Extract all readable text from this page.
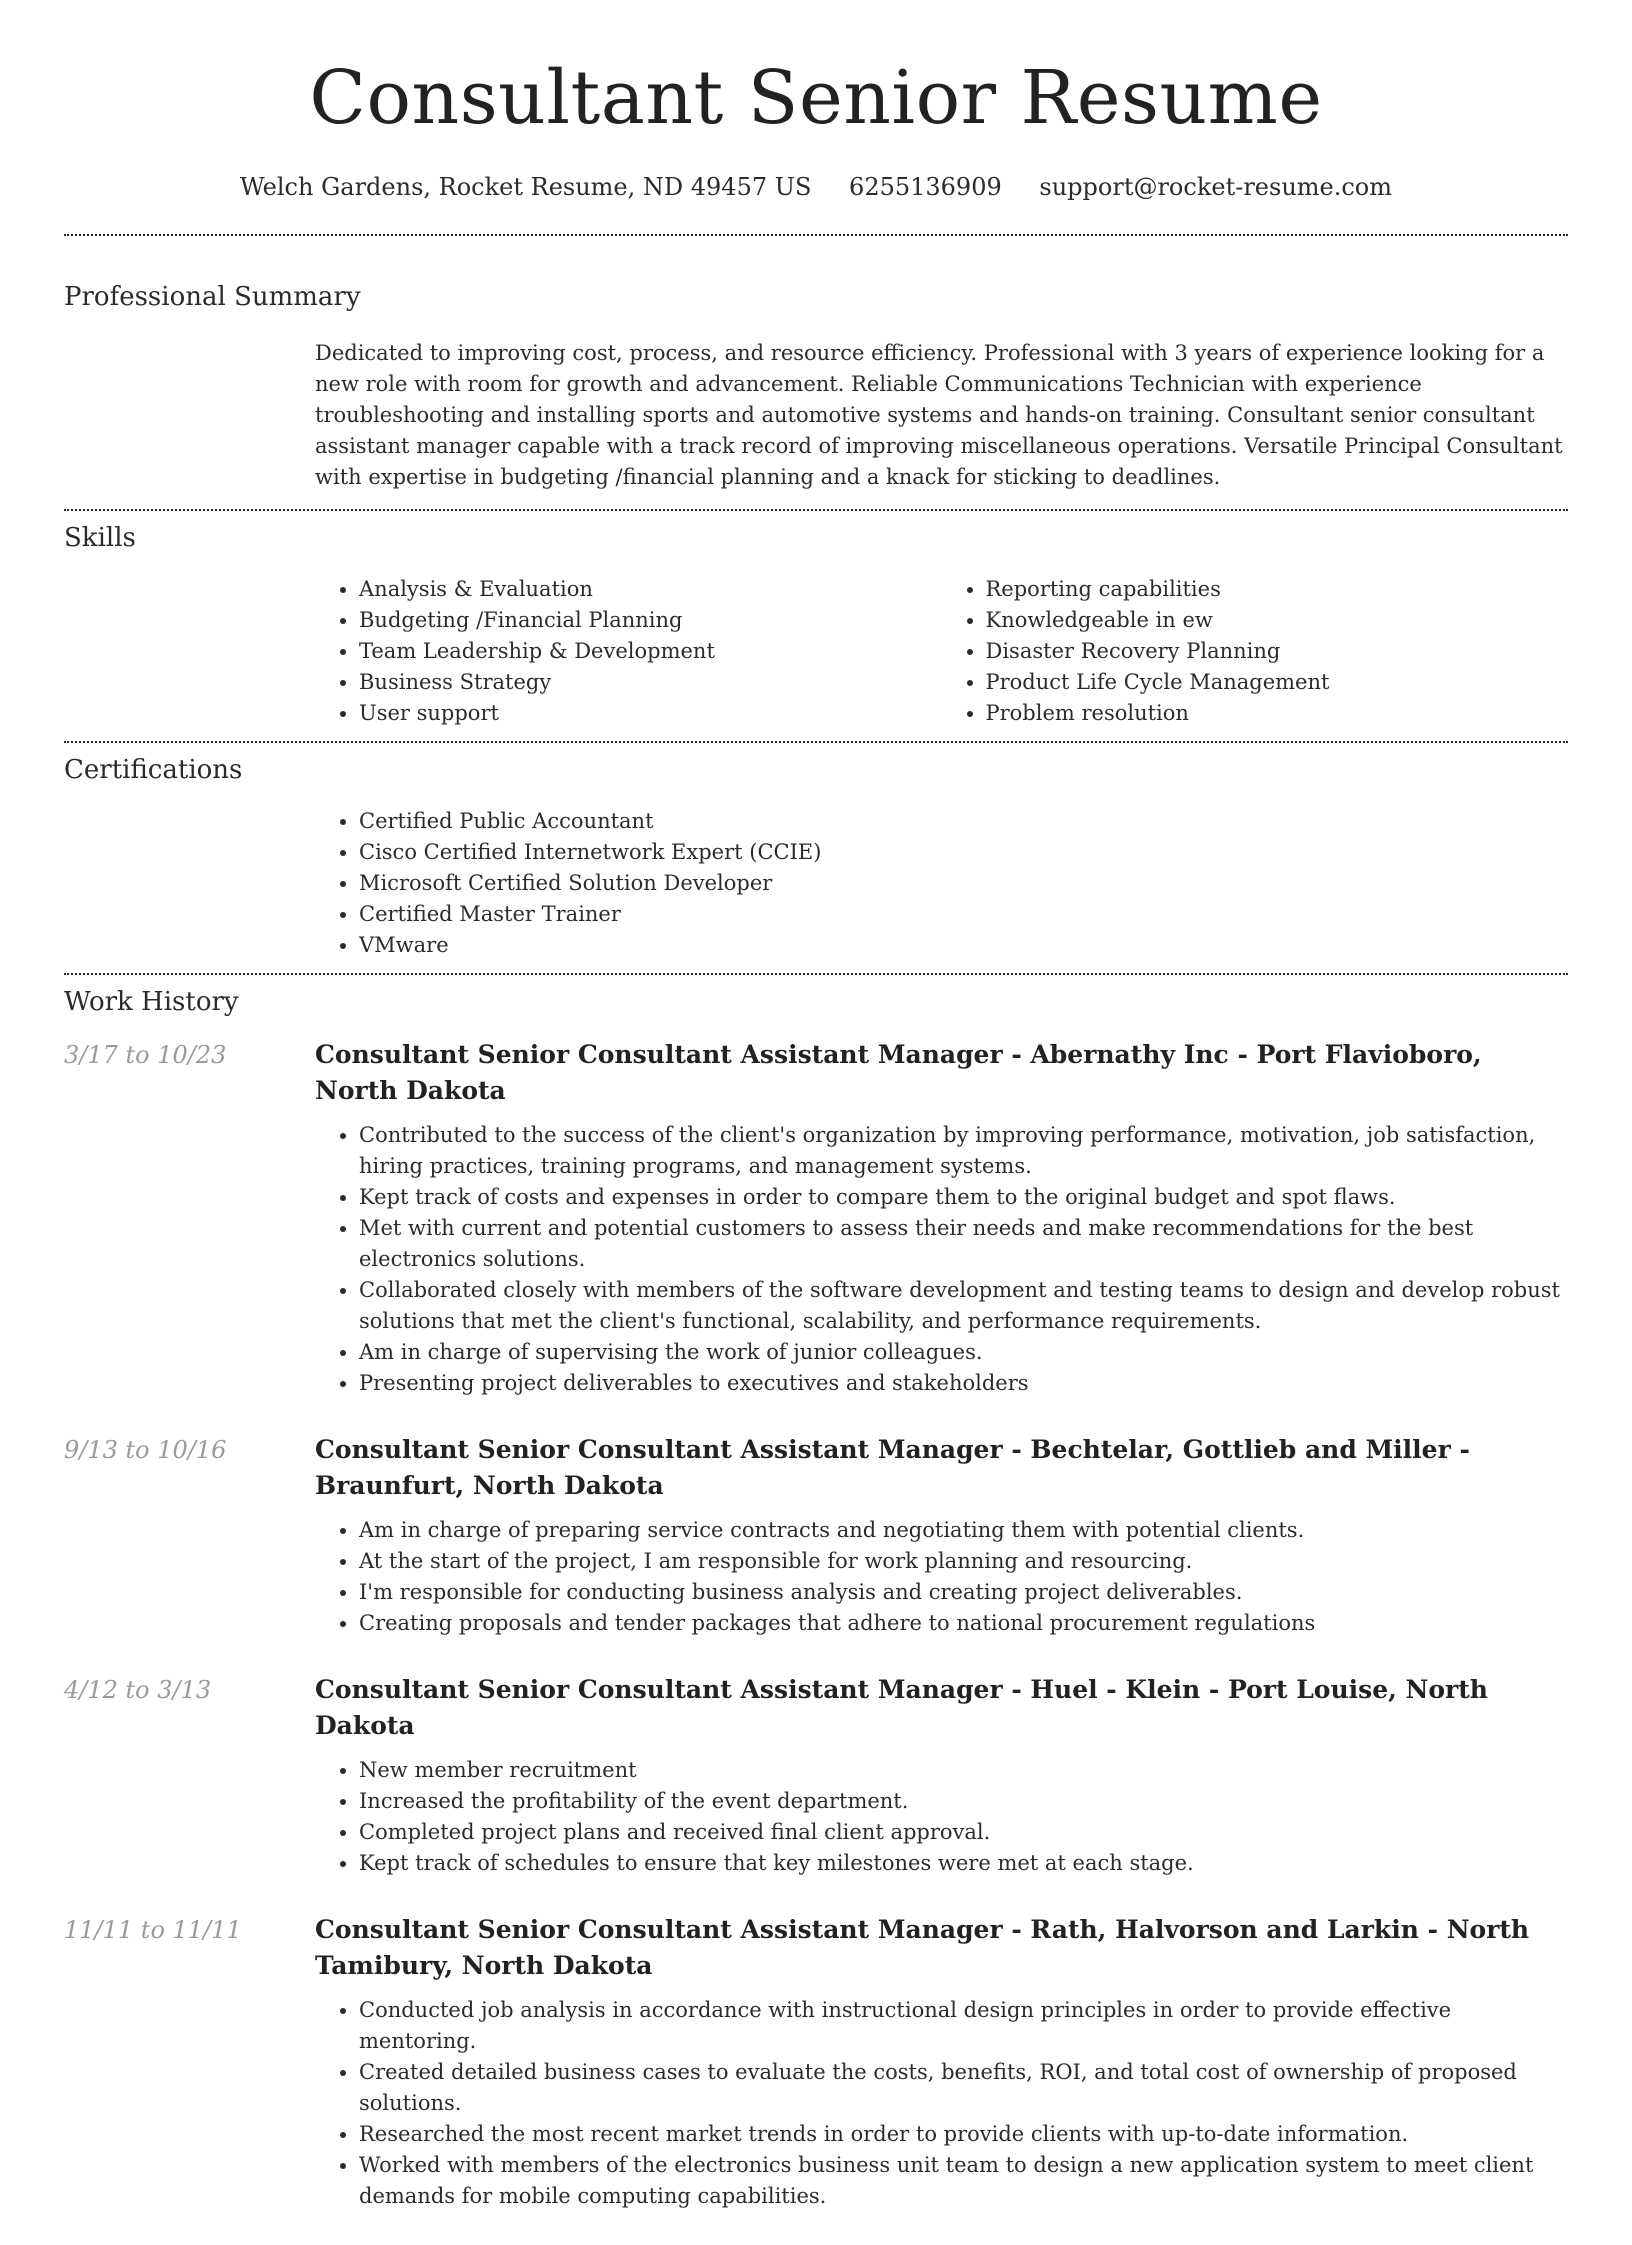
Consultant Senior Resume
Welch Gardens, Rocket Resume, ND 49457 US 6255136909 support@rocket-resume.com
Professional Summary

Dedicated to improving cost, process, and resource efficiency. Professional with 3 years of experience looking for a new role with room for growth and advancement. Reliable Communications Technician with experience troubleshooting and installing sports and automotive systems and hands-on training. Consultant senior consultant assistant manager capable with a track record of improving miscellaneous operations. Versatile Principal Consultant with expertise in budgeting /financial planning and a knack for sticking to deadlines.

Skills
• Analysis & Evaluation
• Budgeting /Financial Planning
• Team Leadership & Development
• Business Strategy
• User support
• Reporting capabilities
• Knowledgeable in ew
• Disaster Recovery Planning
• Product Life Cycle Management
• Problem resolution
Certifications
• Certified Public Accountant
• Cisco Certified Internetwork Expert (CCIE)
• Microsoft Certified Solution Developer
• Certified Master Trainer
• VMware
Work History
3/17 to 10/23	Consultant Senior Consultant Assistant Manager - Abernathy Inc - Port Flavioboro, North Dakota
• Contributed to the success of the client's organization by improving performance, motivation, job satisfaction, hiring practices, training programs, and management systems.
• Kept track of costs and expenses in order to compare them to the original budget and spot flaws.
• Met with current and potential customers to assess their needs and make recommendations for the best electronics solutions.
• Collaborated closely with members of the software development and testing teams to design and develop robust solutions that met the client's functional, scalability, and performance requirements.
• Am in charge of supervising the work of junior colleagues.
• Presenting project deliverables to executives and stakeholders
9/13 to 10/16	Consultant Senior Consultant Assistant Manager - Bechtelar, Gottlieb and Miller - Braunfurt, North Dakota
• Am in charge of preparing service contracts and negotiating them with potential clients.
• At the start of the project, I am responsible for work planning and resourcing.
• I'm responsible for conducting business analysis and creating project deliverables.
• Creating proposals and tender packages that adhere to national procurement regulations
4/12 to 3/13	Consultant Senior Consultant Assistant Manager - Huel - Klein - Port Louise, North Dakota
• New member recruitment
• Increased the profitability of the event department.
• Completed project plans and received final client approval.
• Kept track of schedules to ensure that key milestones were met at each stage.
11/11 to 11/11	Consultant Senior Consultant Assistant Manager - Rath, Halvorson and Larkin - North Tamibury, North Dakota
• Conducted job analysis in accordance with instructional design principles in order to provide effective mentoring.
• Created detailed business cases to evaluate the costs, benefits, ROI, and total cost of ownership of proposed solutions.
• Researched the most recent market trends in order to provide clients with up-to-date information.
• Worked with members of the electronics business unit team to design a new application system to meet client demands for mobile computing capabilities.
